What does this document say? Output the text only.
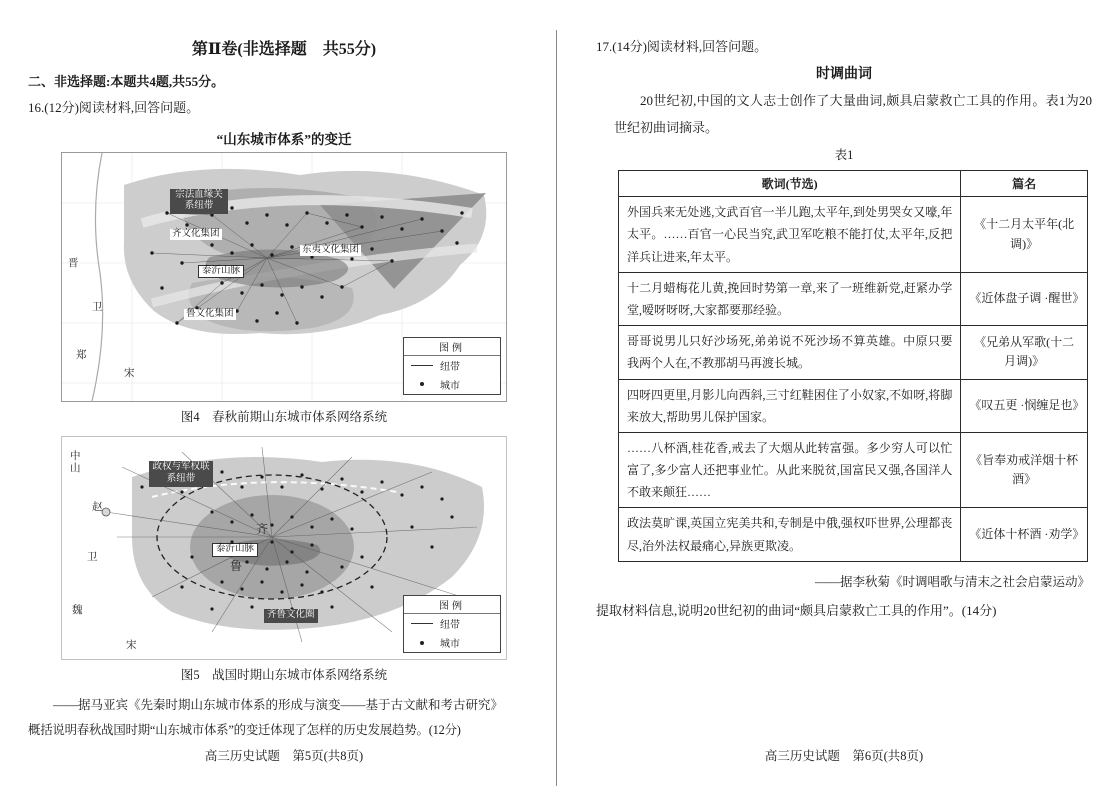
第Ⅱ卷(非选择题　共55分)

二、非选择题:本题共4题,共55分。

16.(12分)阅读材料,回答问题。

“山东城市体系”的变迁
宗法血缘关系纽带
齐文化集团
东夷文化集团
泰沂山脉
鲁文化集团
晋
卫
郑
宋
图例
纽带
城市

图4　春秋前期山东城市体系网络系统

中山	政权与军权联系纽带
赵
卫
魏
宋
齐
鲁
泰沂山脉
齐鲁文化圈
图例
纽带
城市

图5　战国时期山东城市体系网络系统

——据马亚宾《先秦时期山东城市体系的形成与演变——基于古文献和考古研究》

概括说明春秋战国时期“山东城市体系”的变迁体现了怎样的历史发展趋势。(12分)

17.(14分)阅读材料,回答问题。

时调曲词

20世纪初,中国的文人志士创作了大量曲词,颇具启蒙救亡工具的作用。表1为20世纪初曲词摘录。

表1

歌词(节选)	篇名
外国兵来无处逃,文武百官一半儿跑,太平年,到处男哭女又嚎,年太平。……百官一心民当究,武卫军吃粮不能打仗,太平年,反把洋兵让进来,年太平。	《十二月太平年(北调)》
十二月蜡梅花儿黄,挽回时势第一章,来了一班维新党,赶紧办学堂,嗳呀呀呀,大家都要那经验。	《近体盘子调 ·醒世》
哥哥说男儿只好沙场死,弟弟说不死沙场不算英雄。中原只要我两个人在,不教那胡马再渡长城。	《兄弟从军歌(十二月调)》
四呀四更里,月影儿向西斜,三寸红鞋困住了小奴家,不如呀,将脚来放大,帮助男儿保护国家。	《叹五更 ·悯缠足也》
……八杯酒,桂花香,戒去了大烟从此转富强。多少穷人可以忙富了,多少富人还把事业忙。从此来脱贫,国富民又强,各国洋人不敢来颠狂……	《旨奉劝戒洋烟十杯酒》
政法莫旷课,英国立宪美共和,专制是中俄,强权吓世界,公理都丧尽,治外法权最痛心,异族更欺凌。	《近体十杯酒 ·劝学》

——据李秋菊《时调唱歌与清末之社会启蒙运动》

提取材料信息,说明20世纪初的曲词“颇具启蒙救亡工具的作用”。(14分)

高三历史试题　第5页(共8页)	高三历史试题　第6页(共8页)
